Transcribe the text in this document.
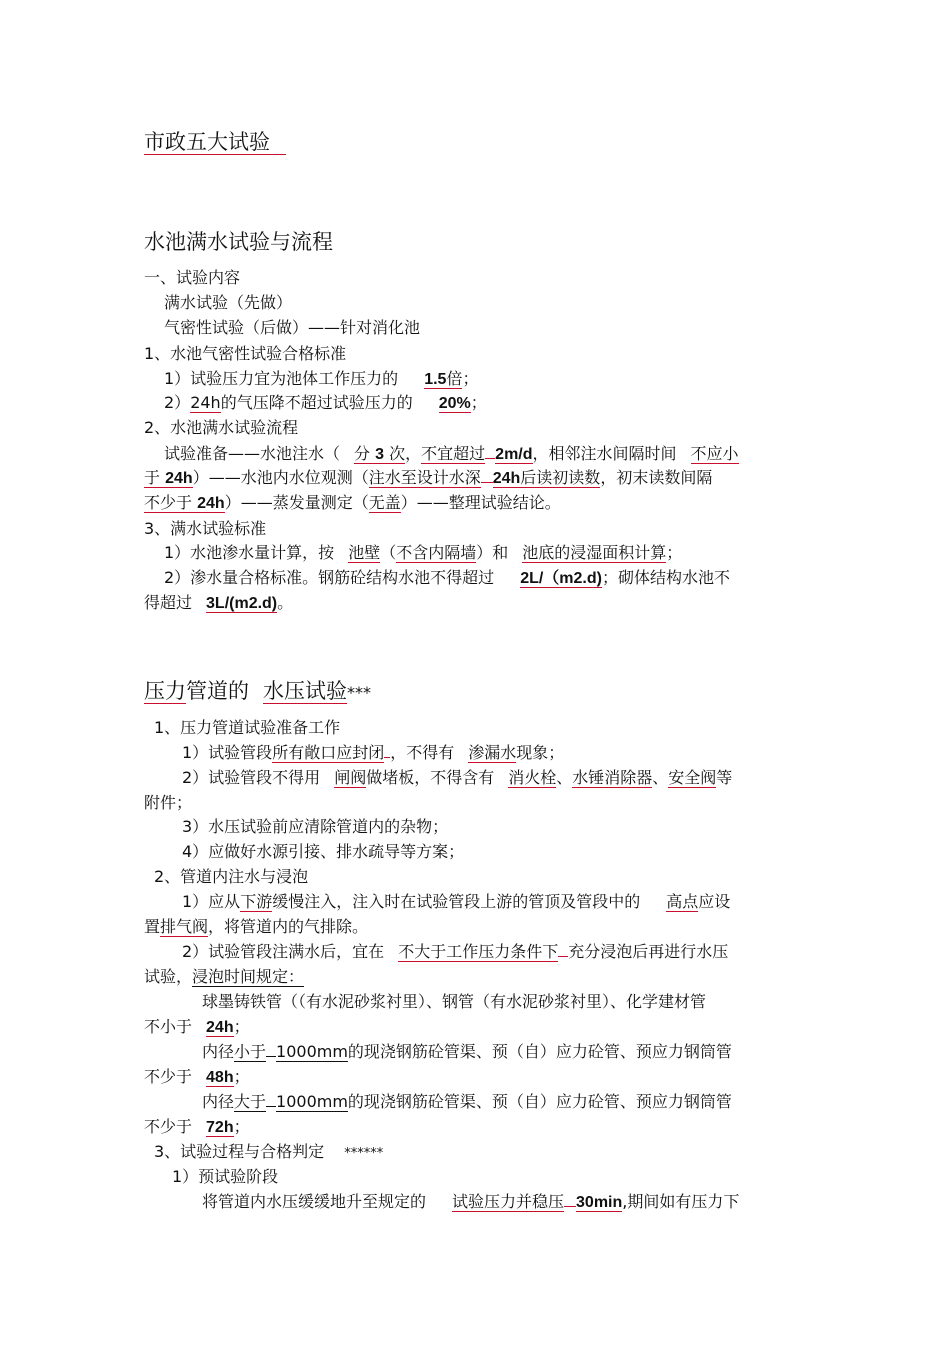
市政五大试验
水池满水试验与流程
一、试验内容
满水试验（先做）
气密性试验（后做）——针对消化池
1、水池气密性试验合格标准
1）试验压力宜为池体工作压力的 1.5倍；
2）24h的气压降不超过试验压力的 20%；
2、水池满水试验流程
试验准备——水池注水（ 分 3 次，不宜超过 2m/d，相邻注水间隔时间 不应小
于 24h）——水池内水位观测（注水至设计水深 24h后读初读数，初末读数间隔
不少于 24h）——蒸发量测定（无盖）——整理试验结论。
3、满水试验标准
1）水池渗水量计算，按 池壁（不含内隔墙）和 池底的浸湿面积计算；
2）渗水量合格标准。钢筋砼结构水池不得超过 2L/（m2.d)；砌体结构水池不
得超过 3L/(m2.d)。
压力管道的 水压试验***
1、压力管道试验准备工作
1）试验管段所有敞口应封闭 ，不得有 渗漏水现象；
2）试验管段不得用 闸阀做堵板，不得含有 消火栓、水锤消除器、安全阀等
附件；
3）水压试验前应清除管道内的杂物；
4）应做好水源引接、排水疏导等方案；
2、管道内注水与浸泡
1）应从下游缓慢注入，注入时在试验管段上游的管顶及管段中的 高点应设
置排气阀，将管道内的气排除。
2）试验管段注满水后，宜在 不大于工作压力条件下 充分浸泡后再进行水压
试验，浸泡时间规定：
球墨铸铁管（（有水泥砂浆衬里）、钢管（有水泥砂浆衬里）、化学建材管
不小于 24h；
内径小于 1000mm的现浇钢筋砼管渠、预（自）应力砼管、预应力钢筒管
不少于 48h；
内径大于 1000mm的现浇钢筋砼管渠、预（自）应力砼管、预应力钢筒管
不少于 72h；
3、试验过程与合格判定 ******
1）预试验阶段
将管道内水压缓缓地升至规定的 试验压力并稳压 30min,期间如有压力下
